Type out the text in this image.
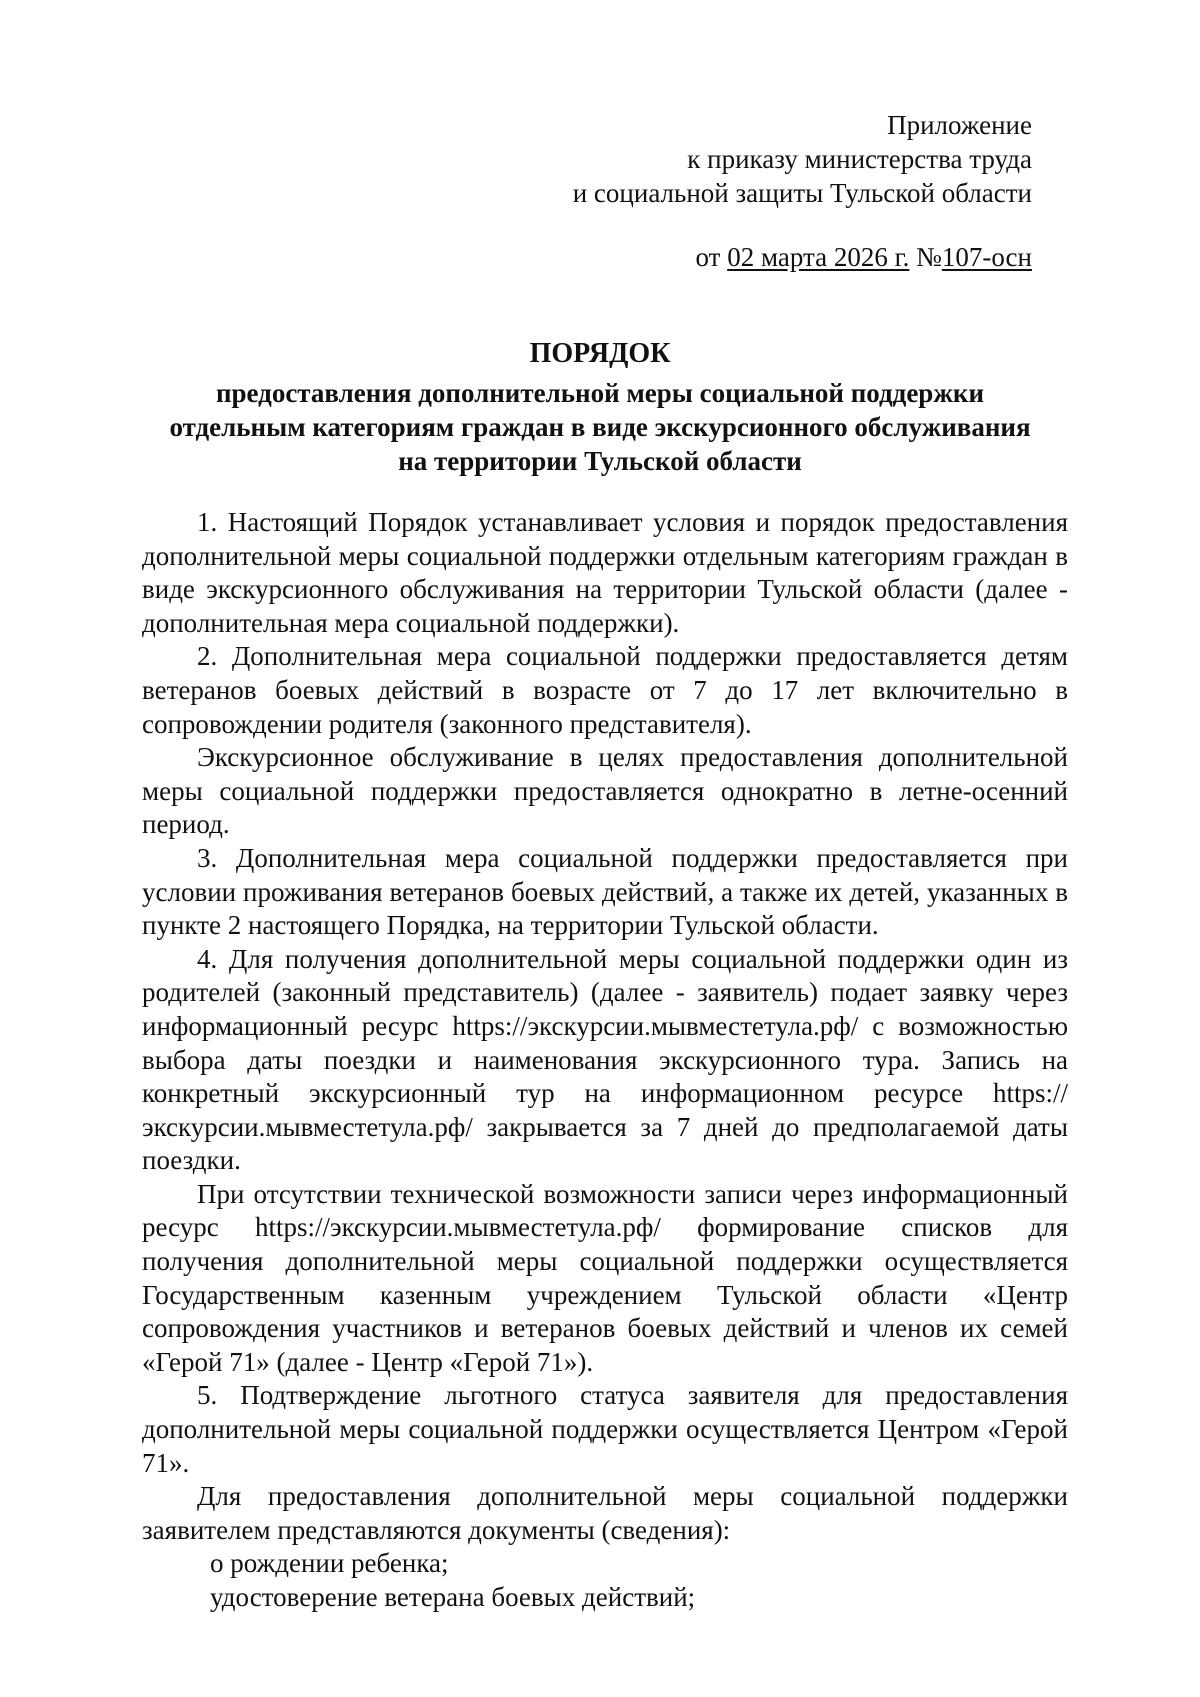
Приложение
к приказу министерства труда
и социальной защиты Тульской области
от 02 марта 2026 г. №107-осн
ПОРЯДОК
предоставления дополнительной меры социальной поддержки
отдельным категориям граждан в виде экскурсионного обслуживания
на территории Тульской области

1. Настоящий Порядок устанавливает условия и порядок предоставления дополнительной меры социальной поддержки отдельным категориям граждан в виде экскурсионного обслуживания на территории Тульской области (далее - дополнительная мера социальной поддержки).

2. Дополнительная мера социальной поддержки предоставляется детям ветеранов боевых действий в возрасте от 7 до 17 лет включительно в сопровождении родителя (законного представителя).

Экскурсионное обслуживание в целях предоставления дополнительной меры социальной поддержки предоставляется однократно в летне-осенний период.

3. Дополнительная мера социальной поддержки предоставляется при условии проживания ветеранов боевых действий, а также их детей, указанных в пункте 2 настоящего Порядка, на территории Тульской области.

4. Для получения дополнительной меры социальной поддержки один из родителей (законный представитель) (далее - заявитель) подает заявку через информационный ресурс https://экскурсии.мывместетула.рф/ с возможностью выбора даты поездки и наименования экскурсионного тура. Запись на конкретный экскурсионный тур на информационном ресурсе https://экскурсии.мывместетула.рф/ закрывается за 7 дней до предполагаемой даты поездки.

При отсутствии технической возможности записи через информационный ресурс https://экскурсии.мывместетула.рф/ формирование списков для получения дополнительной меры социальной поддержки осуществляется Государственным казенным учреждением Тульской области «Центр сопровождения участников и ветеранов боевых действий и членов их семей «Герой 71» (далее - Центр «Герой 71»).

5. Подтверждение льготного статуса заявителя для предоставления дополнительной меры социальной поддержки осуществляется Центром «Герой 71».

Для предоставления дополнительной меры социальной поддержки заявителем представляются документы (сведения):

о рождении ребенка;

удостоверение ветерана боевых действий;
